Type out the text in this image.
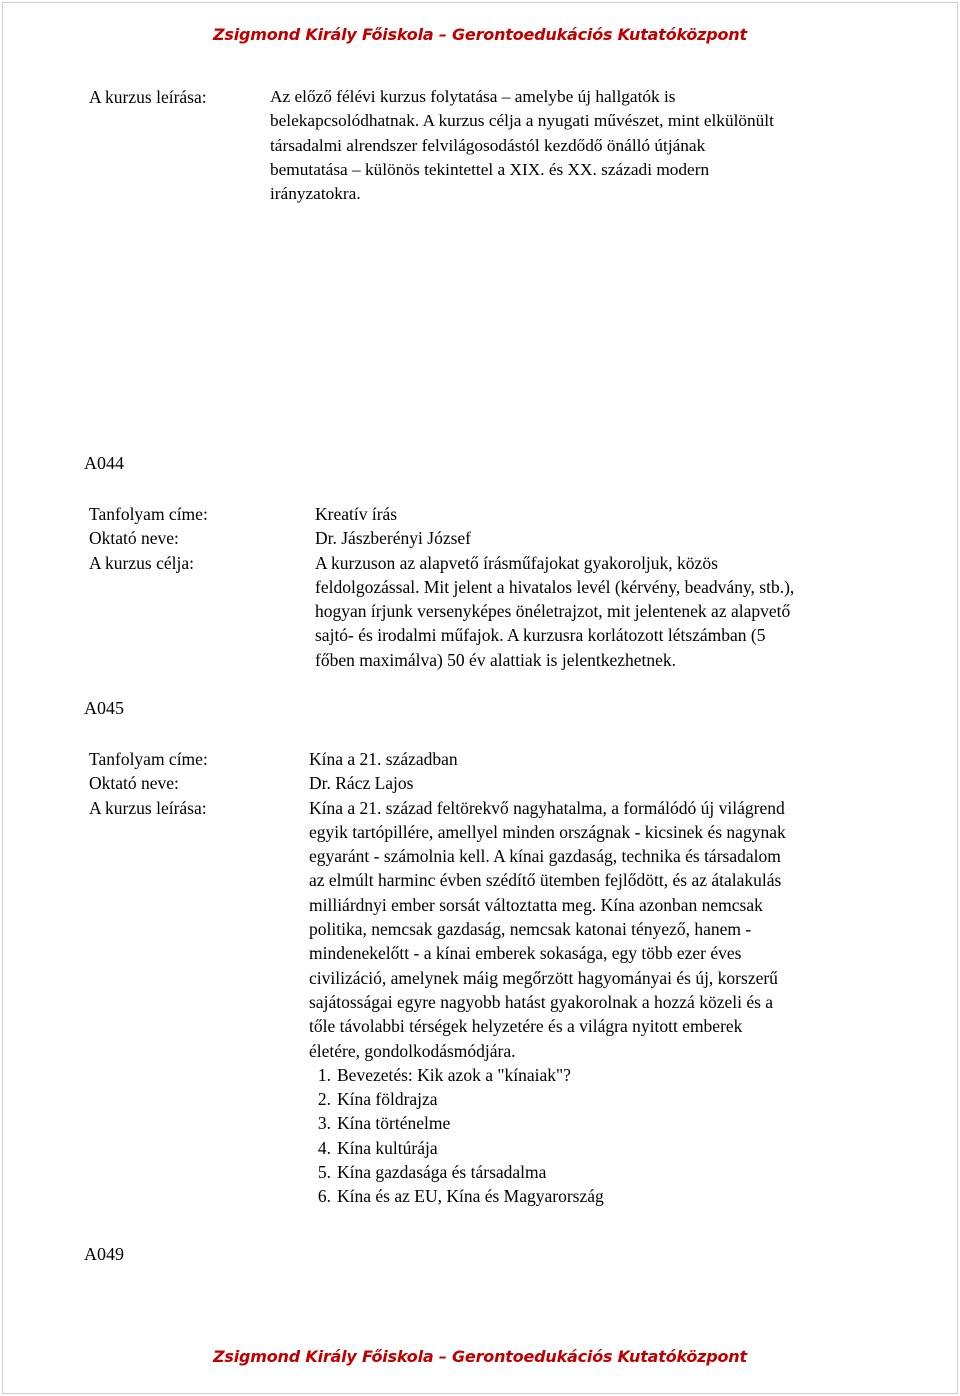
Zsigmond Király Főiskola – Gerontoedukációs Kutatóközpont
A kurzus leírása:	Az előző félévi kurzus folytatása – amelybe új hallgatók is
belekapcsolódhatnak. A kurzus célja a nyugati művészet, mint elkülönült
társadalmi alrendszer felvilágosodástól kezdődő önálló útjának
bemutatása – különös tekintettel a XIX. és XX. századi modern
irányzatokra.
A044
Tanfolyam címe:
Oktató neve:
A kurzus célja:
Kreatív írás
Dr. Jászberényi József
A kurzuson az alapvető írásműfajokat gyakoroljuk, közös
feldolgozással. Mit jelent a hivatalos levél (kérvény, beadvány, stb.),
hogyan írjunk versenyképes önéletrajzot, mit jelentenek az alapvető
sajtó- és irodalmi műfajok. A kurzusra korlátozott létszámban (5
főben maximálva) 50 év alattiak is jelentkezhetnek.
A045
Tanfolyam címe:
Oktató neve:
A kurzus leírása:
Kína a 21. században
Dr. Rácz Lajos
Kína a 21. század feltörekvő nagyhatalma, a formálódó új világrend
egyik tartópillére, amellyel minden országnak - kicsinek és nagynak
egyaránt - számolnia kell. A kínai gazdaság, technika és társadalom
az elmúlt harminc évben szédítő ütemben fejlődött, és az átalakulás
milliárdnyi ember sorsát változtatta meg. Kína azonban nemcsak
politika, nemcsak gazdaság, nemcsak katonai tényező, hanem -
mindenekelőtt - a kínai emberek sokasága, egy több ezer éves
civilizáció, amelynek máig megőrzött hagyományai és új, korszerű
sajátosságai egyre nagyobb hatást gyakorolnak a hozzá közeli és a
tőle távolabbi térségek helyzetére és a világra nyitott emberek
életére, gondolkodásmódjára.
1. Bevezetés: Kik azok a "kínaiak"?
2. Kína földrajza
3. Kína történelme
4. Kína kultúrája
5. Kína gazdasága és társadalma
6. Kína és az EU, Kína és Magyarország
A049
Zsigmond Király Főiskola – Gerontoedukációs Kutatóközpont
